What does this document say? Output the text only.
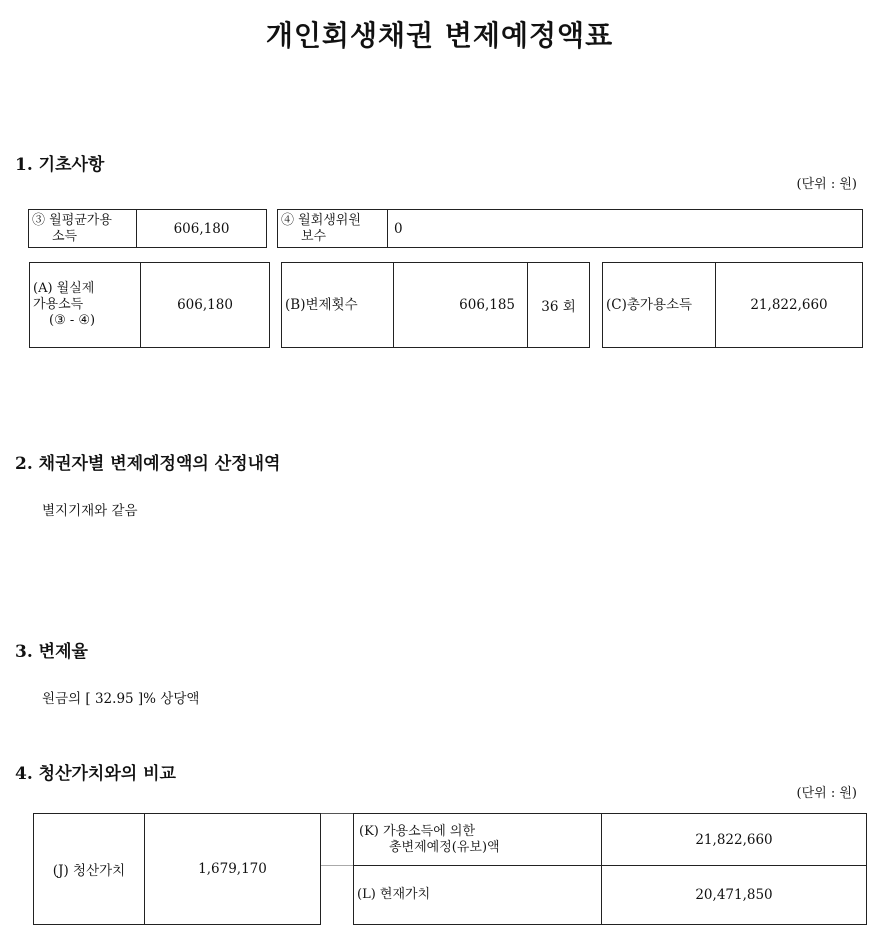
개인회생채권 변제예정액표
1. 기초사항
(단위 : 원)
③ 월평균가용
소득	606,180
④ 월회생위원
보수	0
(A) 월실제
가용소득
(③ - ④)
606,180	(B)변제횟수	606,185	36 회	(C)총가용소득	21,822,660
2. 채권자별 변제예정액의 산정내역
별지기재와 같음
3. 변제율
원금의 [ 32.95 ]% 상당액
4. 청산가치와의 비교
(단위 : 원)
(J) 청산가치	1,679,170
(K) 가용소득에 의한
총변제예정(유보)액	21,822,660
(L) 현재가치	20,471,850
